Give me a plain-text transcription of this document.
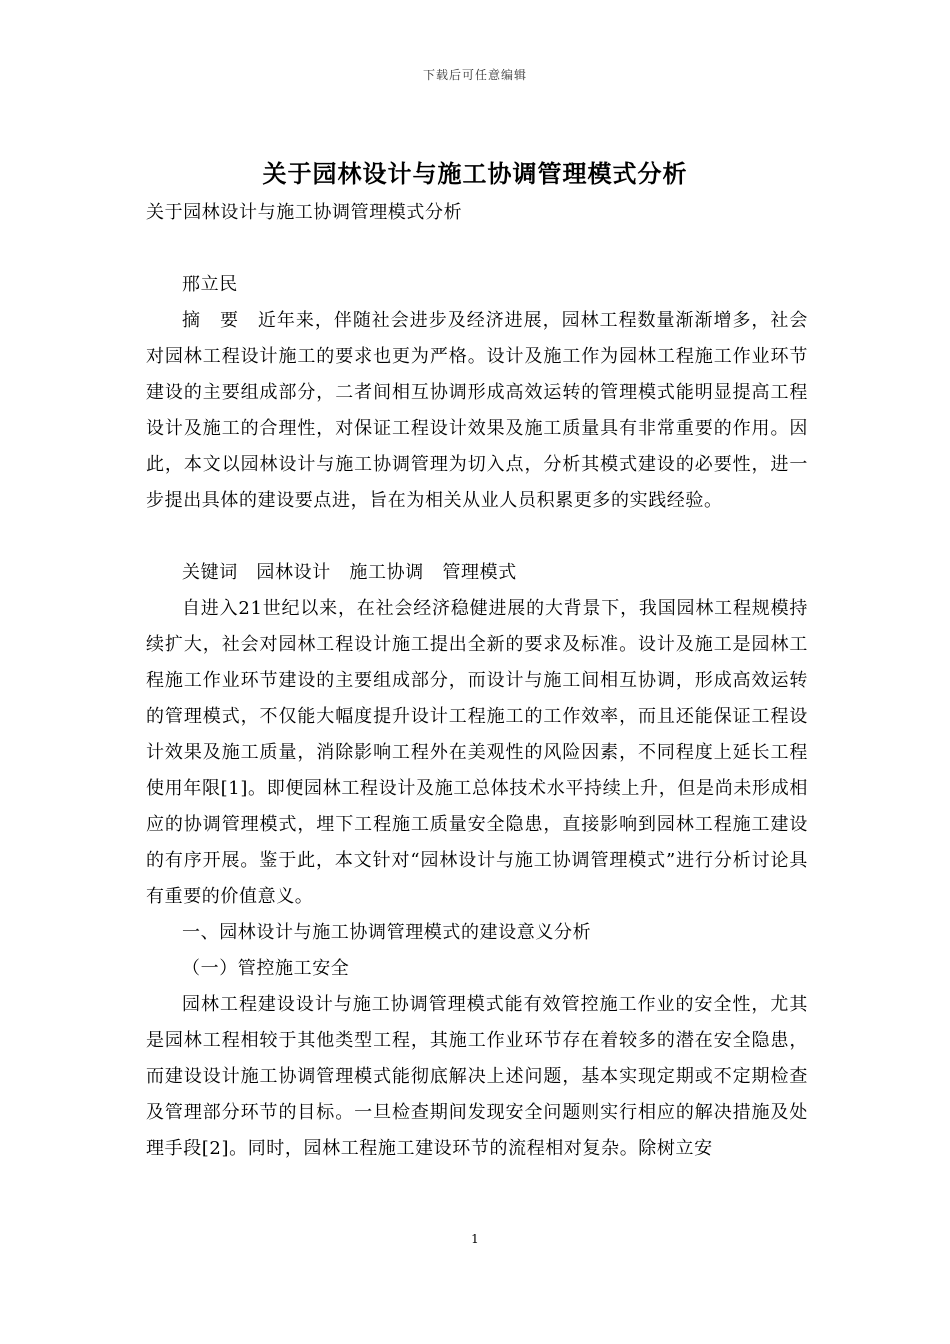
下载后可任意编辑
关于园林设计与施工协调管理模式分析

关于园林设计与施工协调管理模式分析

邢立民

摘　要　近年来，伴随社会进步及经济进展，园林工程数量渐渐增多，社会对园林工程设计施工的要求也更为严格。设计及施工作为园林工程施工作业环节建设的主要组成部分，二者间相互协调形成高效运转的管理模式能明显提高工程设计及施工的合理性，对保证工程设计效果及施工质量具有非常重要的作用。因此，本文以园林设计与施工协调管理为切入点，分析其模式建设的必要性，进一步提出具体的建设要点进，旨在为相关从业人员积累更多的实践经验。

关键词　园林设计　施工协调　管理模式

自进入21世纪以来，在社会经济稳健进展的大背景下，我国园林工程规模持续扩大，社会对园林工程设计施工提出全新的要求及标准。设计及施工是园林工程施工作业环节建设的主要组成部分，而设计与施工间相互协调，形成高效运转的管理模式，不仅能大幅度提升设计工程施工的工作效率，而且还能保证工程设计效果及施工质量，消除影响工程外在美观性的风险因素，不同程度上延长工程使用年限[1]。即便园林工程设计及施工总体技术水平持续上升，但是尚未形成相应的协调管理模式，埋下工程施工质量安全隐患，直接影响到园林工程施工建设的有序开展。鉴于此，本文针对“园林设计与施工协调管理模式”进行分析讨论具有重要的价值意义。

一、园林设计与施工协调管理模式的建设意义分析

（一）管控施工安全

园林工程建设设计与施工协调管理模式能有效管控施工作业的安全性，尤其是园林工程相较于其他类型工程，其施工作业环节存在着较多的潜在安全隐患，而建设设计施工协调管理模式能彻底解决上述问题，基本实现定期或不定期检查及管理部分环节的目标。一旦检查期间发现安全问题则实行相应的解决措施及处理手段[2]。同时，园林工程施工建设环节的流程相对复杂。除树立安

1
